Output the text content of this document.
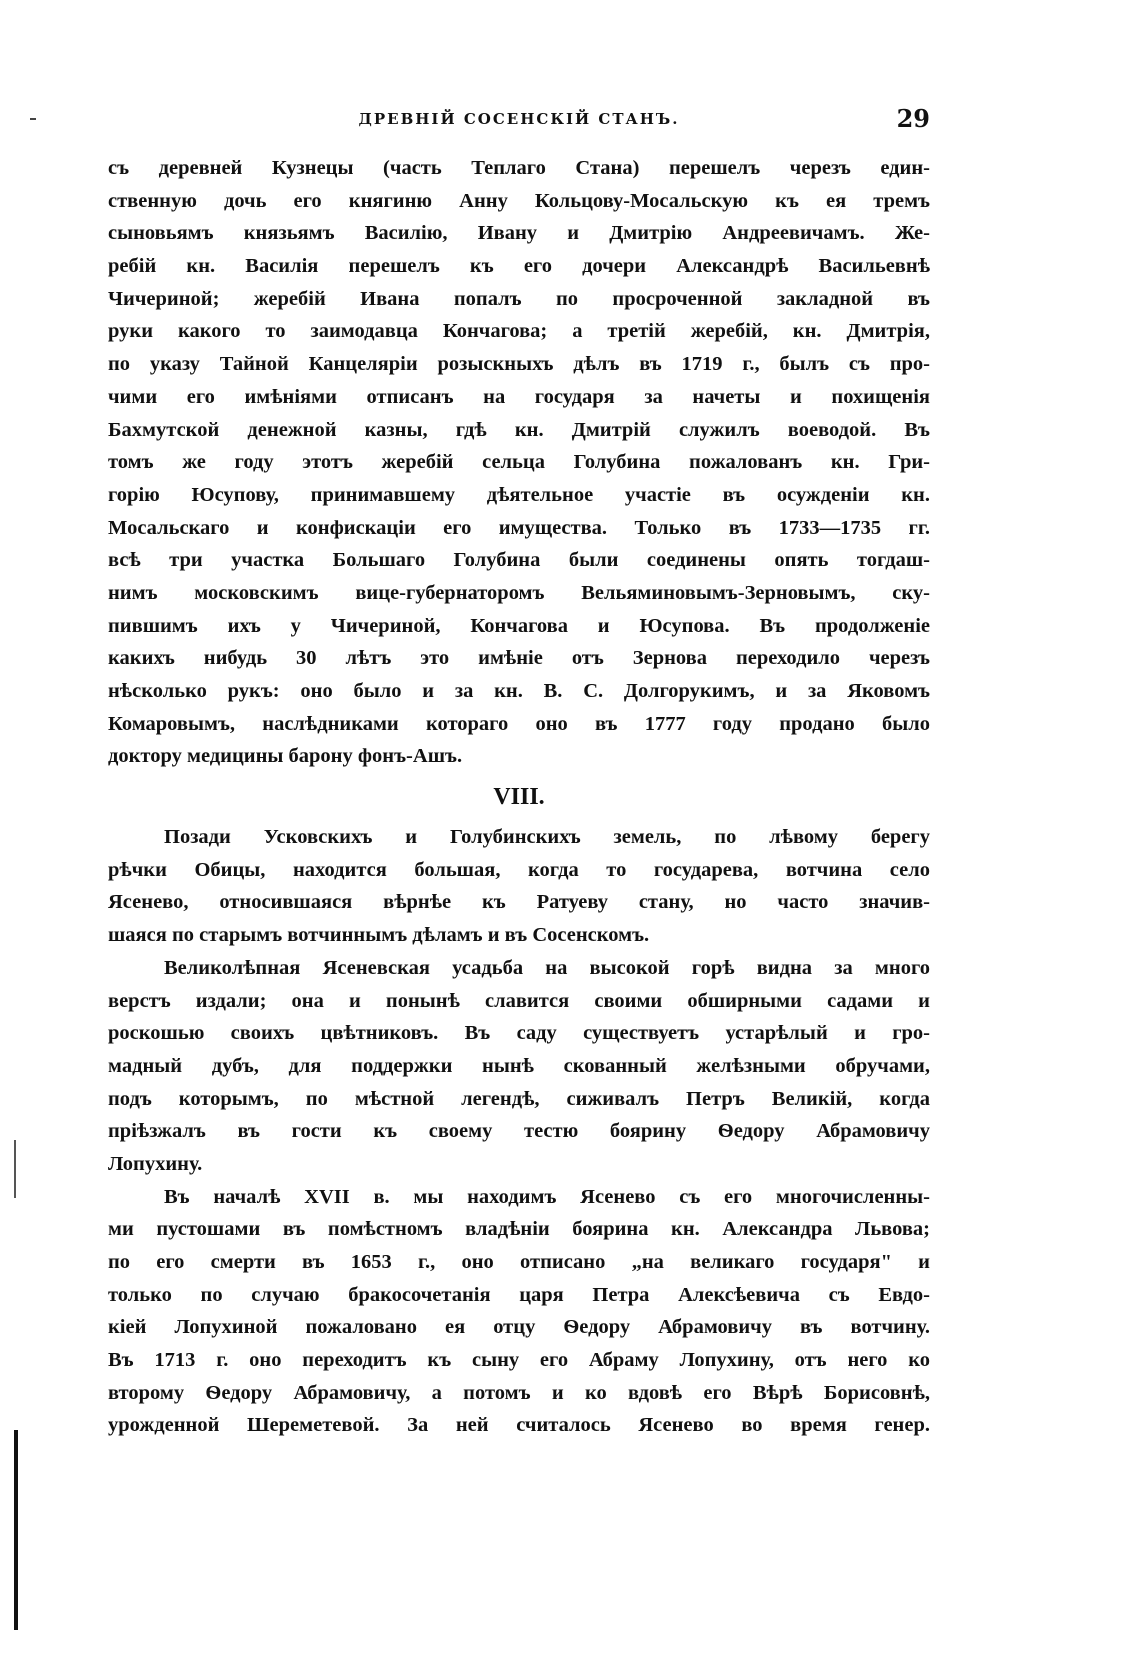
ДРЕВНІЙ СОСЕНСКІЙ СТАНЪ.	29
съ деревней Кузнецы (часть Теплаго Стана) перешелъ черезъ един-
ственную дочь его княгиню Анну Кольцову-Мосальскую къ ея тремъ
сыновьямъ князьямъ Василію, Ивану и Дмитрію Андреевичамъ. Же-
ребій кн. Василія перешелъ къ его дочери Александрѣ Васильевнѣ
Чичериной; жеребій Ивана попалъ по просроченной закладной въ
руки какого то заимодавца Кончагова; а третій жеребій, кн. Дмитрія,
по указу Тайной Канцеляріи розыскныхъ дѣлъ въ 1719 г., былъ съ про-
чими его имѣніями отписанъ на государя за начеты и похищенія
Бахмутской денежной казны, гдѣ кн. Дмитрій служилъ воеводой. Въ
томъ же году этотъ жеребій сельца Голубина пожалованъ кн. Гри-
горію Юсупову, принимавшему дѣятельное участіе въ осужденіи кн.
Мосальскаго и конфискаціи его имущества. Только въ 1733—1735 гг.
всѣ три участка Большаго Голубина были соединены опять тогдаш-
нимъ московскимъ вице-губернаторомъ Вельяминовымъ-Зерновымъ, ску-
пившимъ ихъ у Чичериной, Кончагова и Юсупова. Въ продолженіе
какихъ нибудь 30 лѣтъ это имѣніе отъ Зернова переходило черезъ
нѣсколько рукъ: оно было и за кн. В. С. Долгорукимъ, и за Яковомъ
Комаровымъ, наслѣдниками котораго оно въ 1777 году продано было
доктору медицины барону фонъ-Ашъ.
VIII.
Позади Усковскихъ и Голубинскихъ земель, по лѣвому берегу
рѣчки Обицы, находится большая, когда то государева, вотчина село
Ясенево, относившаяся вѣрнѣе къ Ратуеву стану, но часто значив-
шаяся по старымъ вотчиннымъ дѣламъ и въ Сосенскомъ.
Великолѣпная Ясеневская усадьба на высокой горѣ видна за много
верстъ издали; она и понынѣ славится своими обширными садами и
роскошью своихъ цвѣтниковъ. Въ саду существуетъ устарѣлый и гро-
мадный дубъ, для поддержки нынѣ скованный желѣзными обручами,
подъ которымъ, по мѣстной легендѣ, сиживалъ Петръ Великій, когда
пріѣзжалъ въ гости къ своему тестю боярину Ѳедору Абрамовичу
Лопухину.
Въ началѣ XVII в. мы находимъ Ясенево съ его многочисленны-
ми пустошами въ помѣстномъ владѣніи боярина кн. Александра Львова;
по его смерти въ 1653 г., оно отписано „на великаго государя" и
только по случаю бракосочетанія царя Петра Алексѣевича съ Евдо-
кіей Лопухиной пожаловано ея отцу Ѳедору Абрамовичу въ вотчину.
Въ 1713 г. оно переходитъ къ сыну его Абраму Лопухину, отъ него ко
второму Ѳедору Абрамовичу, а потомъ и ко вдовѣ его Вѣрѣ Борисовнѣ,
урожденной Шереметевой. За ней считалось Ясенево во время генер.
